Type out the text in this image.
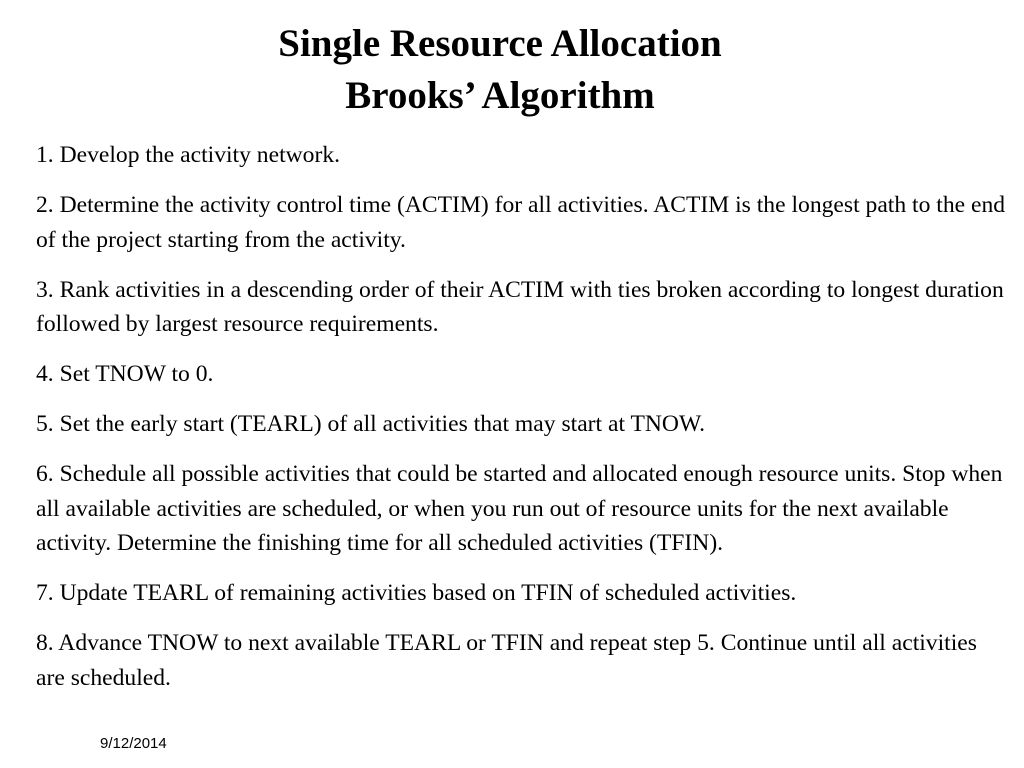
Single Resource Allocation
Brooks’ Algorithm
1. Develop the activity network.
2. Determine the activity control time (ACTIM) for all activities. ACTIM is the longest path to the end of the project starting from the activity.
3. Rank activities in a descending order of their ACTIM with ties broken according to longest duration followed by largest resource requirements.
4. Set TNOW to 0.
5. Set the early start (TEARL) of all activities that may start at TNOW.
6. Schedule all possible activities that could be started and allocated enough resource units. Stop when all available activities are scheduled, or when you run out of resource units for the next available activity. Determine the finishing time for all scheduled activities (TFIN).
7. Update TEARL of remaining activities based on TFIN of scheduled activities.
8. Advance TNOW to next available TEARL or TFIN and repeat step 5. Continue until all activities are scheduled.
9/12/2014
